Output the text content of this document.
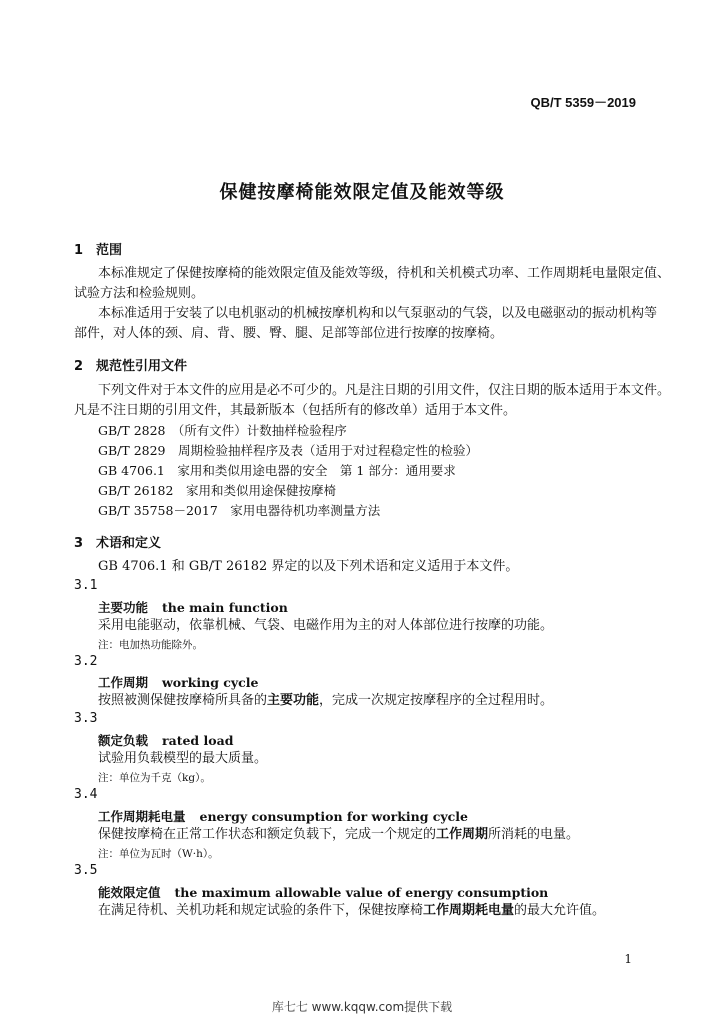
QB/T 5359－2019
保健按摩椅能效限定值及能效等级
1 范围
本标准规定了保健按摩椅的能效限定值及能效等级，待机和关机模式功率、工作周期耗电量限定值、
试验方法和检验规则。
本标准适用于安装了以电机驱动的机械按摩机构和以气泵驱动的气袋，以及电磁驱动的振动机构等
部件，对人体的颈、肩、背、腰、臀、腿、足部等部位进行按摩的按摩椅。
2 规范性引用文件
下列文件对于本文件的应用是必不可少的。凡是注日期的引用文件，仅注日期的版本适用于本文件。
凡是不注日期的引用文件，其最新版本（包括所有的修改单）适用于本文件。
GB/T 2828　（所有文件）计数抽样检验程序
GB/T 2829　周期检验抽样程序及表（适用于对过程稳定性的检验）
GB 4706.1　家用和类似用途电器的安全　第 1 部分：通用要求
GB/T 26182　家用和类似用途保健按摩椅
GB/T 35758－2017　家用电器待机功率测量方法
3 术语和定义
GB 4706.1 和 GB/T 26182 界定的以及下列术语和定义适用于本文件。
3.1
主要功能 the main function
采用电能驱动，依靠机械、气袋、电磁作用为主的对人体部位进行按摩的功能。
注：电加热功能除外。
3.2
工作周期 working cycle
按照被测保健按摩椅所具备的主要功能，完成一次规定按摩程序的全过程用时。
3.3
额定负载 rated load
试验用负载模型的最大质量。
注：单位为千克（kg）。
3.4
工作周期耗电量 energy consumption for working cycle
保健按摩椅在正常工作状态和额定负载下，完成一个规定的工作周期所消耗的电量。
注：单位为瓦时（W·h）。
3.5
能效限定值 the maximum allowable value of energy consumption
在满足待机、关机功耗和规定试验的条件下，保健按摩椅工作周期耗电量的最大允许值。
1
库七七 www.kqqw.com提供下载
